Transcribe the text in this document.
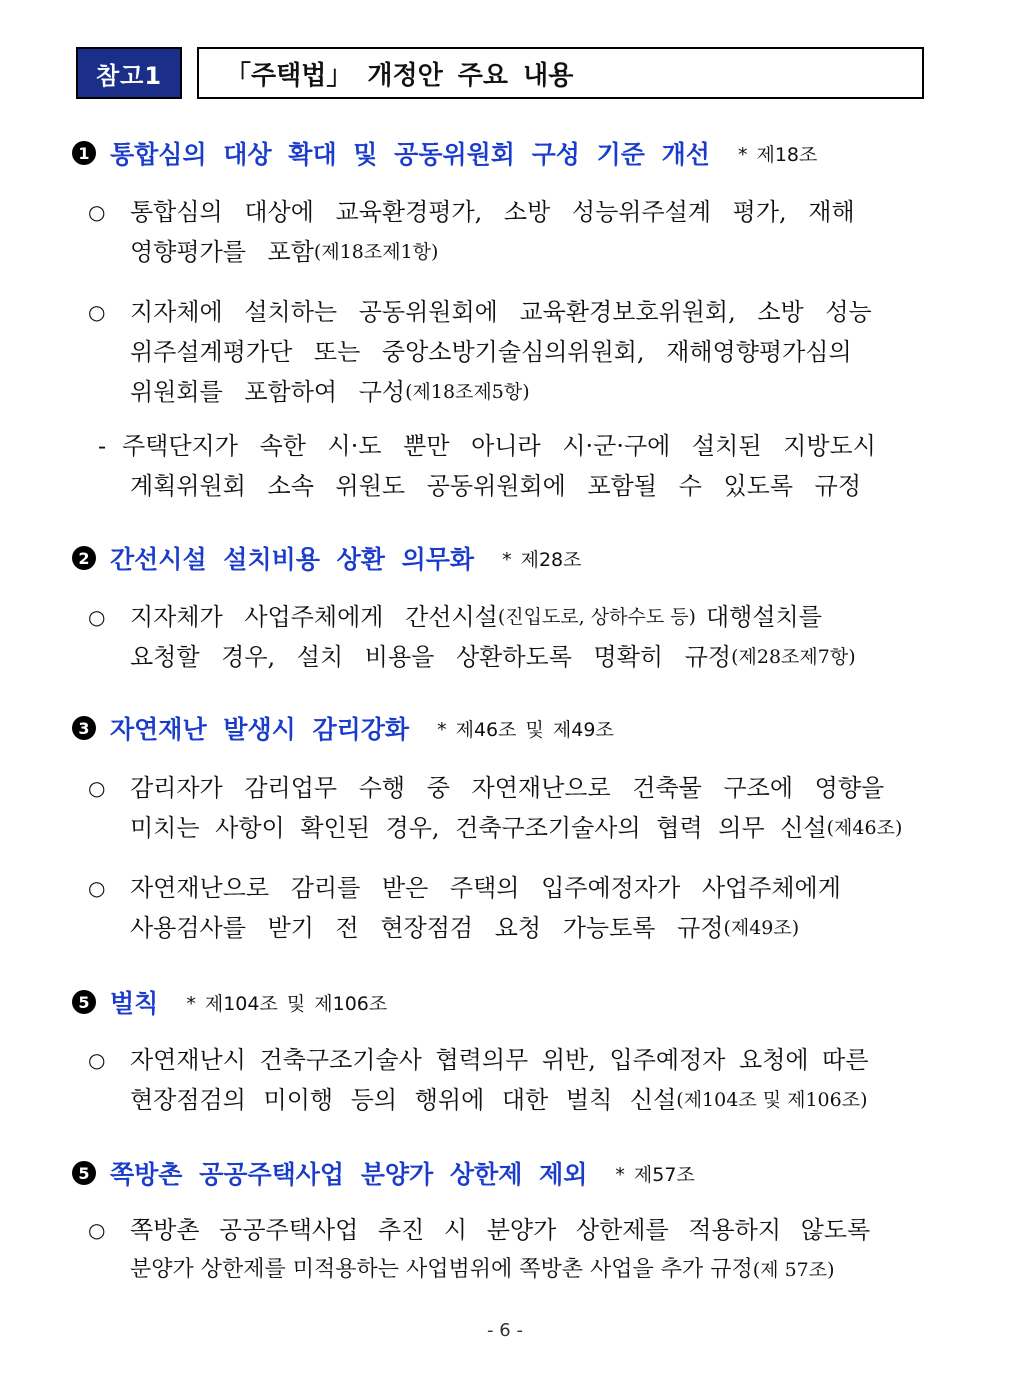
참고1	「주택법」 개정안 주요 내용
1 통합심의 대상 확대 및 공동위원회 구성 기준 개선 * 제18조
○	통합심의 대상에 교육환경평가, 소방 성능위주설계 평가, 재해
영향평가를 포함 (제18조제1항)
○	지자체에 설치하는 공동위원회에 교육환경보호위원회, 소방 성능
위주설계평가단 또는 중앙소방기술심의위원회, 재해영향평가심의
위원회를 포함하여 구성 (제18조제5항)
- 주택단지가 속한 시·도 뿐만 아니라 시·군·구에 설치된 지방도시
계획위원회 소속 위원도 공동위원회에 포함될 수 있도록 규정
2 간선시설 설치비용 상환 의무화 * 제28조
○	지자체가 사업주체에게 간선시설 (진입도로, 상하수도 등) 대행설치를
요청할 경우, 설치 비용을 상환하도록 명확히 규정 (제28조제7항)
3 자연재난 발생시 감리강화 * 제46조 및 제49조
○	감리자가 감리업무 수행 중 자연재난으로 건축물 구조에 영향을
미치는 사항이 확인된 경우, 건축구조기술사의 협력 의무 신설 (제46조)
○	자연재난으로 감리를 받은 주택의 입주예정자가 사업주체에게
사용검사를 받기 전 현장점검 요청 가능토록 규정 (제49조)
5 벌칙 * 제104조 및 제106조
○	자연재난시 건축구조기술사 협력의무 위반, 입주예정자 요청에 따른
현장점검의 미이행 등의 행위에 대한 벌칙 신설 (제104조 및 제106조)
5 쪽방촌 공공주택사업 분양가 상한제 제외 * 제57조
○	쪽방촌 공공주택사업 추진 시 분양가 상한제를 적용하지 않도록
분양가 상한제를 미적용하는 사업범위에 쪽방촌 사업을 추가 규정 (제 57조)
- 6 -
